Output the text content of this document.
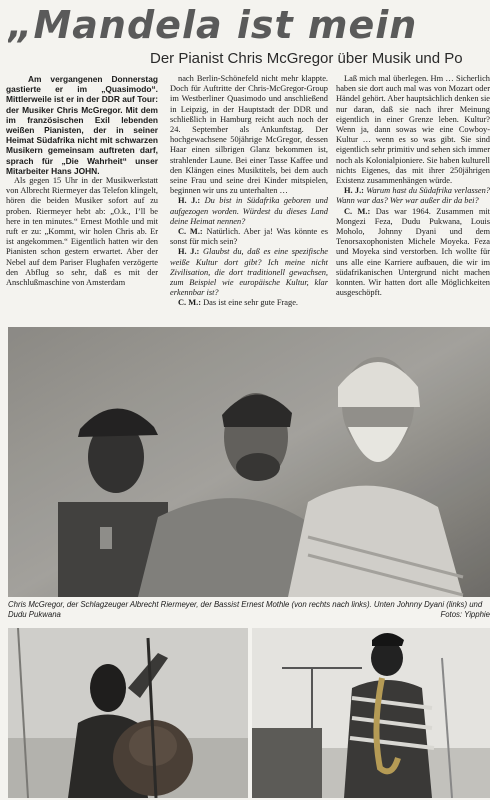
„Mandela ist mein
Der Pianist Chris McGregor über Musik und Po

Am vergangenen Donnerstag gastierte er im „Quasimodo“. Mittlerweile ist er in der DDR auf Tour: der Musiker Chris McGregor. Mit dem im französischen Exil lebenden weißen Pianisten, der in seiner Heimat Südafrika nicht mit schwarzen Musikern gemeinsam auftreten darf, sprach für „Die Wahrheit“ unser Mitarbeiter Hans JOHN.

Als gegen 15 Uhr in der Musikwerkstatt von Albrecht Riermeyer das Telefon klingelt, hören die beiden Musiker sofort auf zu proben. Riermeyer hebt ab: „O.k., I’ll be here in ten minutes.“ Ernest Mothle und mit ruft er zu: „Kommt, wir holen Chris ab. Er ist angekommen.“ Eigentlich hatten wir den Pianisten schon gestern erwartet. Aber der Nebel auf dem Pariser Flughafen verzögerte den Abflug so sehr, daß es mit der Anschlußmaschine von Amsterdam

nach Berlin-Schönefeld nicht mehr klappte. Doch für Auftritte der Chris-McGregor-Group im Westberliner Quasimodo und anschließend in Leipzig, in der Hauptstadt der DDR und schließlich in Hamburg reicht auch noch der 24. September als Ankunftstag. Der hochgewachsene 50jährige McGregor, dessen Haar einen silbrigen Glanz bekommen ist, strahlender Laune. Bei einer Tasse Kaffee und den Klängen eines Musiktitels, bei dem auch seine Frau und seine drei Kinder mitspielen, beginnen wir uns zu unterhalten …

H. J.: Du bist in Südafrika geboren und aufgezogen worden. Würdest du dieses Land deine Heimat nennen?

C. M.: Natürlich. Aber ja! Was könnte es sonst für mich sein?

H. J.: Glaubst du, daß es eine spezifische weiße Kultur dort gibt? Ich meine nicht Zivilisation, die dort traditionell gewachsen, zum Beispiel wie europäische Kultur, klar erkennbar ist?

C. M.: Das ist eine sehr gute Frage.

Laß mich mal überlegen. Hm … Sicherlich haben sie dort auch mal was von Mozart oder Händel gehört. Aber hauptsächlich denken sie nur daran, daß sie nach ihrer Meinung eigentlich in einer Grenze leben. Kultur? Wenn ja, dann sowas wie eine Cowboy-Kultur … wenn es so was gibt. Sie sind eigentlich sehr primitiv und sehen sich immer noch als Kolonialpioniere. Sie haben kulturell nichts Eigenes, das mit ihrer 250jährigen Existenz zusammenhängen würde.

H. J.: Warum hast du Südafrika verlassen? Wann war das? Wer war außer dir da bei?

C. M.: Das war 1964. Zusammen mit Mongezi Feza, Dudu Pukwana, Louis Moholo, Johnny Dyani und dem Tenorsaxophonisten Michele Moyeka. Feza und Moyeka sind verstorben. Ich wollte für uns alle eine Karriere aufbauen, die wir im südafrikanischen Untergrund nicht machen konnten. Wir hatten dort alle Möglichkeiten ausgeschöpft.

Chris McGregor, der Schlagzeuger Albrecht Riermeyer, der Bassist Ernest Mothle (von rechts nach links). Unten Johnny Dyani (links) und Dudu Pukwana	Fotos: Yipphie
